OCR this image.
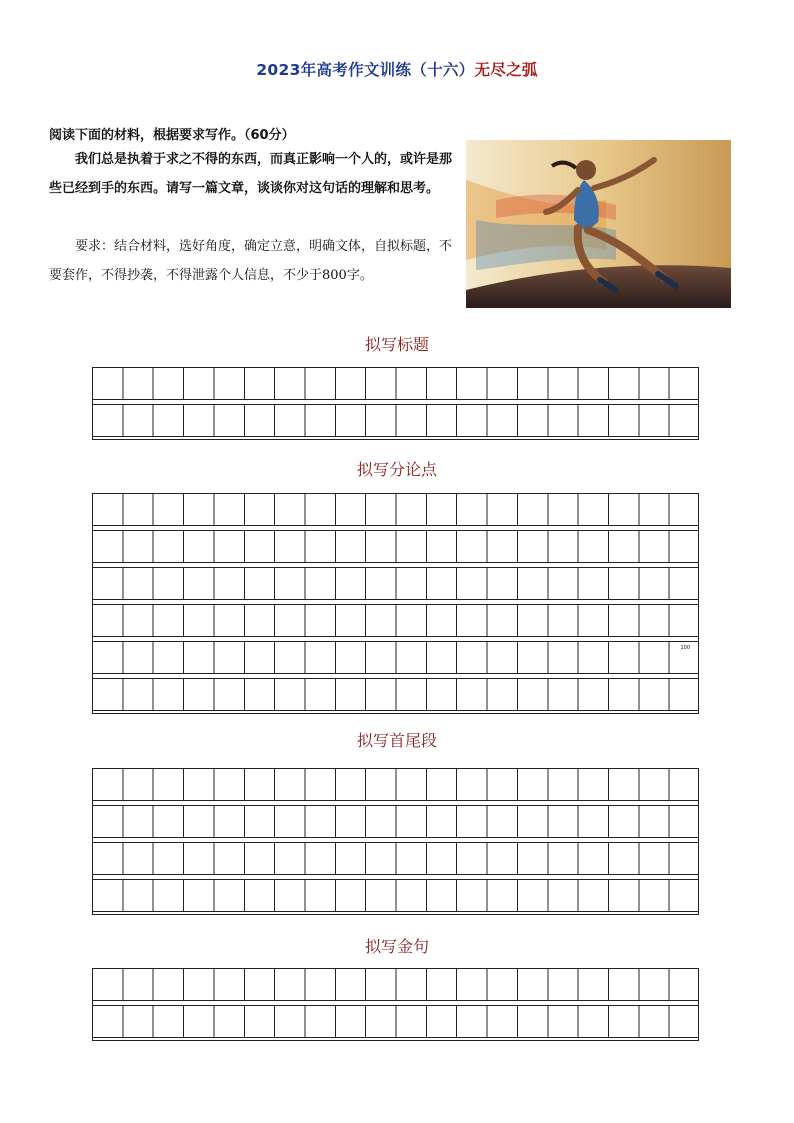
2023年高考作文训练（十六）无尽之弧
阅读下面的材料，根据要求写作。（60分）
我们总是执着于求之不得的东西，而真正影响一个人的，或许是那些已经到手的东西。请写一篇文章，谈谈你对这句话的理解和思考。
要求：结合材料，选好角度，确定立意，明确文体，自拟标题，不要套作，不得抄袭，不得泄露个人信息，不少于800字。
拟写标题
拟写分论点
100
拟写首尾段
拟写金句
